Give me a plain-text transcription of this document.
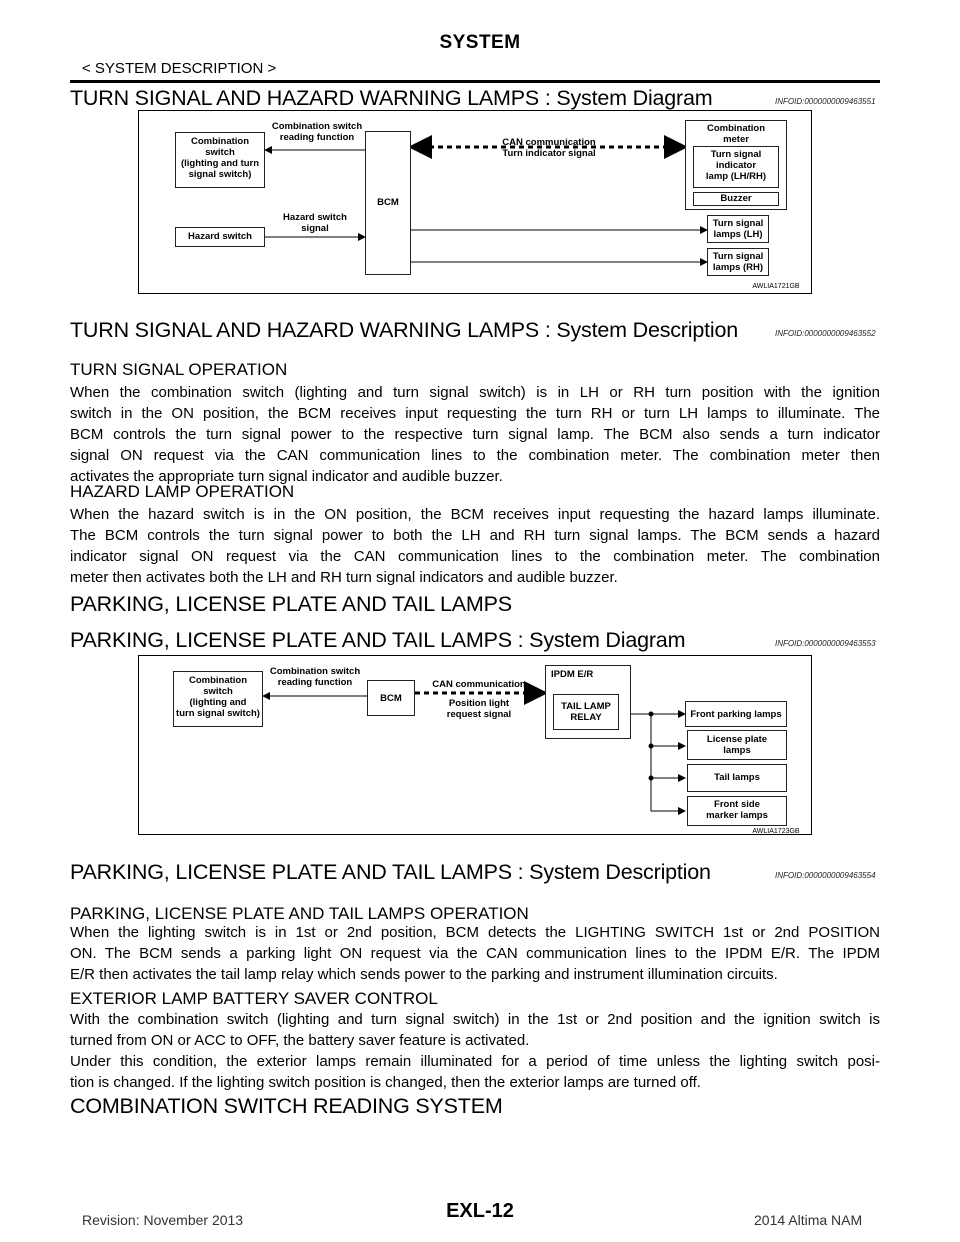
SYSTEM
< SYSTEM DESCRIPTION >
TURN SIGNAL AND HAZARD WARNING LAMPS : System Diagram	INFOID:0000000009463551
Combination
switch
(lighting and turn
signal switch)
Hazard switch
Combination switch
reading function
Hazard switch
signal
BCM
CAN communication
Turn indicator signal
Combination
meter
Turn signal
indicator
lamp (LH/RH)
Buzzer
Turn signal
lamps (LH)
Turn signal
lamps (RH)
AWLIA1721GB
TURN SIGNAL AND HAZARD WARNING LAMPS : System Description	INFOID:0000000009463552
TURN SIGNAL OPERATION
When the combination switch (lighting and turn signal switch) is in LH or RH turn position with the ignition
switch in the ON position, the BCM receives input requesting the turn RH or turn LH lamps to illuminate. The
BCM controls the turn signal power to the respective turn signal lamp. The BCM also sends a turn indicator
signal ON request via the CAN communication lines to the combination meter. The combination meter then
activates the appropriate turn signal indicator and audible buzzer.
HAZARD LAMP OPERATION
When the hazard switch is in the ON position, the BCM receives input requesting the hazard lamps illuminate.
The BCM controls the turn signal power to both the LH and RH turn signal lamps. The BCM sends a hazard
indicator signal ON request via the CAN communication lines to the combination meter. The combination
meter then activates both the LH and RH turn signal indicators and audible buzzer.
PARKING, LICENSE PLATE AND TAIL LAMPS
PARKING, LICENSE PLATE AND TAIL LAMPS : System Diagram	INFOID:0000000009463553
Combination
switch
(lighting and
turn signal switch)
Combination switch
reading function
BCM
CAN communication
Position light
request signal
IPDM E/R
TAIL LAMP
RELAY	Front parking lamps
License plate
lamps
Tail lamps
Front side
marker lamps
AWLIA1723GB
PARKING, LICENSE PLATE AND TAIL LAMPS : System Description	INFOID:0000000009463554
PARKING, LICENSE PLATE AND TAIL LAMPS OPERATION
When the lighting switch is in 1st or 2nd position, BCM detects the LIGHTING SWITCH 1st or 2nd POSITION
ON. The BCM sends a parking light ON request via the CAN communication lines to the IPDM E/R. The IPDM
E/R then activates the tail lamp relay which sends power to the parking and instrument illumination circuits.
EXTERIOR LAMP BATTERY SAVER CONTROL
With the combination switch (lighting and turn signal switch) in the 1st or 2nd position and the ignition switch is
turned from ON or ACC to OFF, the battery saver feature is activated.
Under this condition, the exterior lamps remain illuminated for a period of time unless the lighting switch posi-
tion is changed. If the lighting switch position is changed, then the exterior lamps are turned off.
COMBINATION SWITCH READING SYSTEM
EXL-12
Revision: November 2013	2014 Altima NAM
